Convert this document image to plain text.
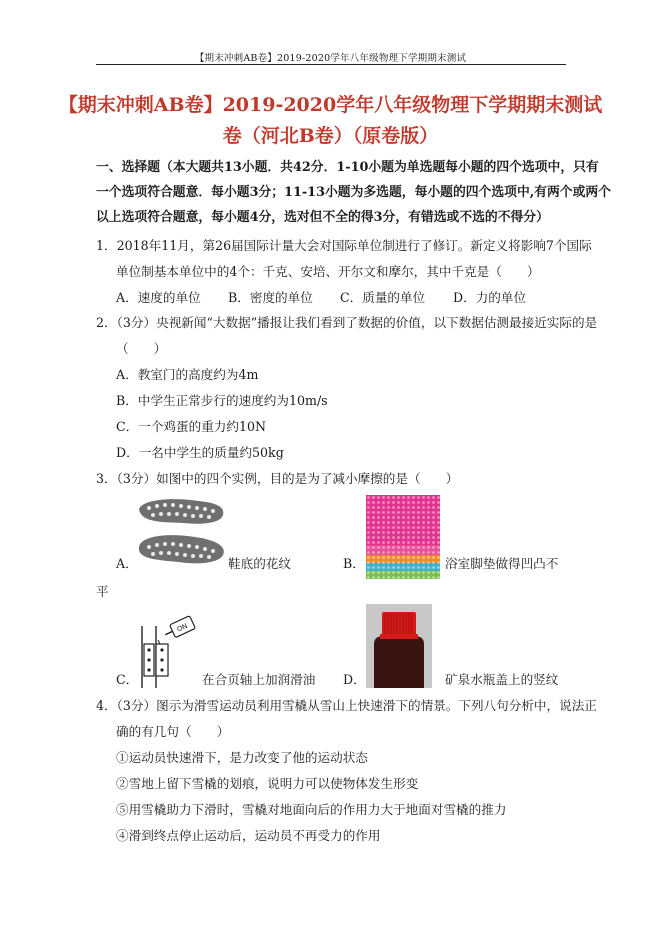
【期末冲刺AB卷】2019-2020学年八年级物理下学期期末测试
【期末冲刺AB卷】2019-2020学年八年级物理下学期期末测试
卷（河北B卷）（原卷版）
一、选择题（本大题共13小题．共42分．1-10小题为单选题每小题的四个选项中，只有
一个选项符合题意．每小题3分；11-13小题为多选题，每小题的四个选项中,有两个或两个
以上选项符合题意，每小题4分，选对但不全的得3分，有错选或不选的不得分）
1．2018年11月，第26届国际计量大会对国际单位制进行了修订。新定义将影响7个国际
单位制基本单位中的4个：千克、安培、开尔文和摩尔，其中千克是（　　）
A．速度的单位 B．密度的单位 C．质量的单位 D．力的单位
2．（3分）央视新闻“大数据”播报让我们看到了数据的价值，以下数据估测最接近实际的是
（　　）
A．教室门的高度约为4m
B．中学生正常步行的速度约为10m/s
C．一个鸡蛋的重力约10N
D．一名中学生的质量约50kg
3．（3分）如图中的四个实例，目的是为了减小摩擦的是（　　）
A．	鞋底的花纹	B．	浴室脚垫做得凹凸不
平
ON
C．	在合页轴上加润滑油 D．	矿泉水瓶盖上的竖纹
4．（3分）图示为滑雪运动员利用雪橇从雪山上快速滑下的情景。下列八句分析中，说法正
确的有几句（　　）
①运动员快速滑下，是力改变了他的运动状态
②雪地上留下雪橇的划痕，说明力可以使物体发生形变
⑤用雪橇助力下滑时，雪橇对地面向后的作用力大于地面对雪橇的推力
④滑到终点停止运动后，运动员不再受力的作用
